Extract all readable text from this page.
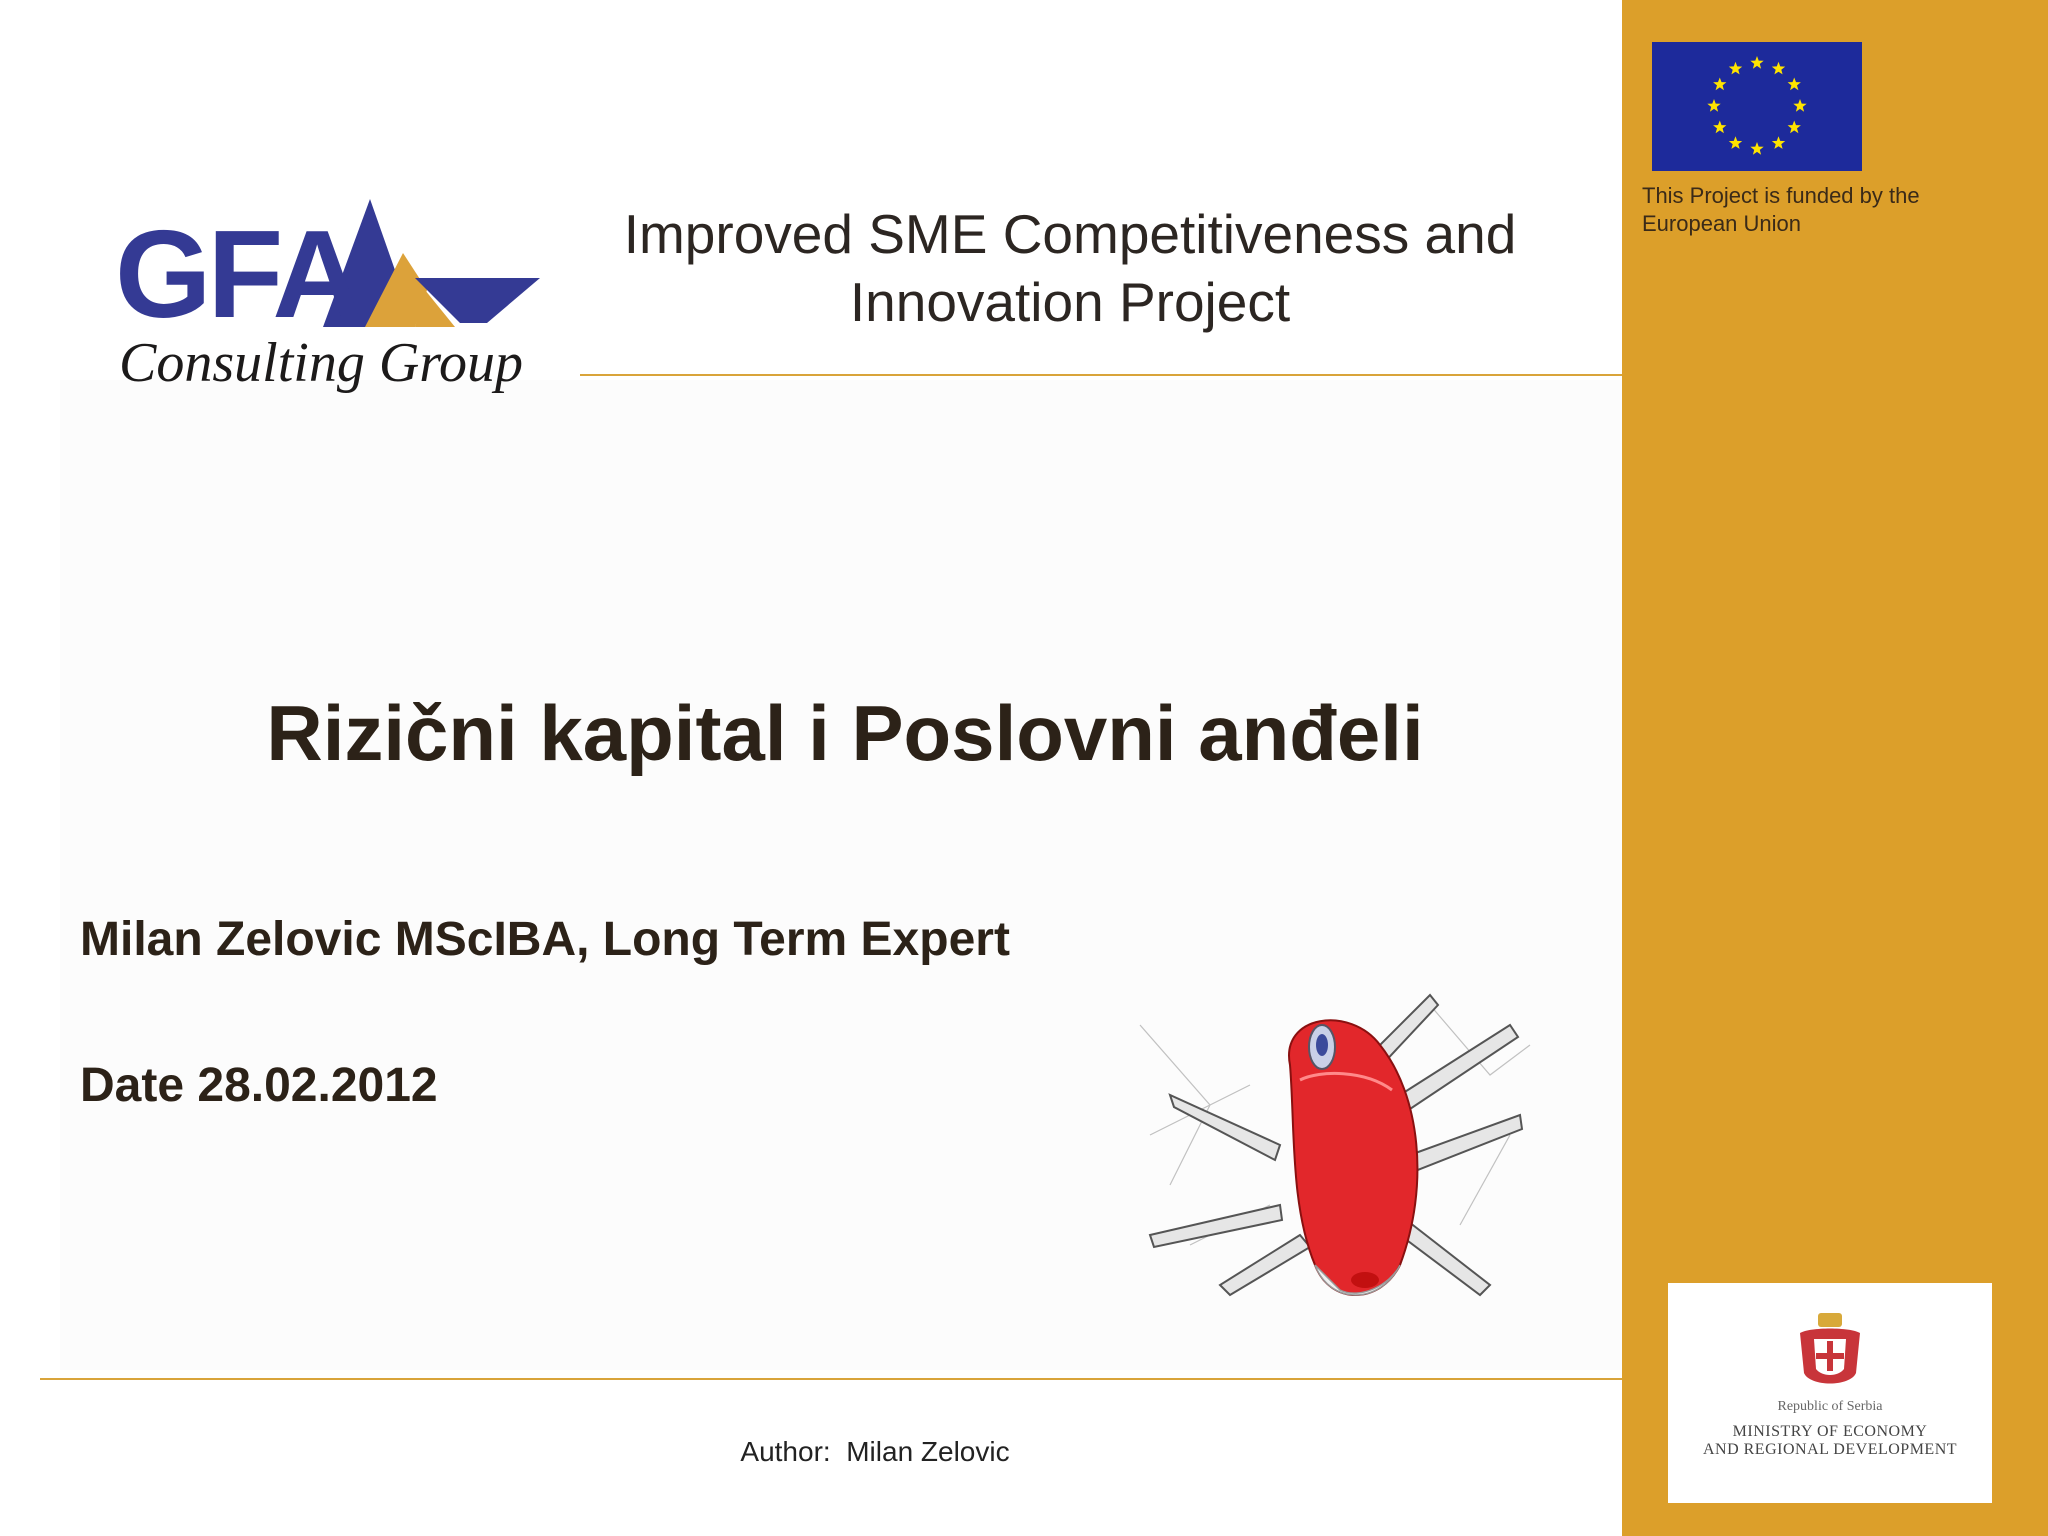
GFA
Consulting Group
Improved SME Competitiveness and
Innovation Project
This Project is funded by the
European Union
Rizični kapital i Poslovni anđeli
Milan Zelovic MScIBA, Long Term Expert
Date 28.02.2012
Author:  Milan Zelovic
Republic of Serbia
MINISTRY OF ECONOMY
AND REGIONAL DEVELOPMENT
